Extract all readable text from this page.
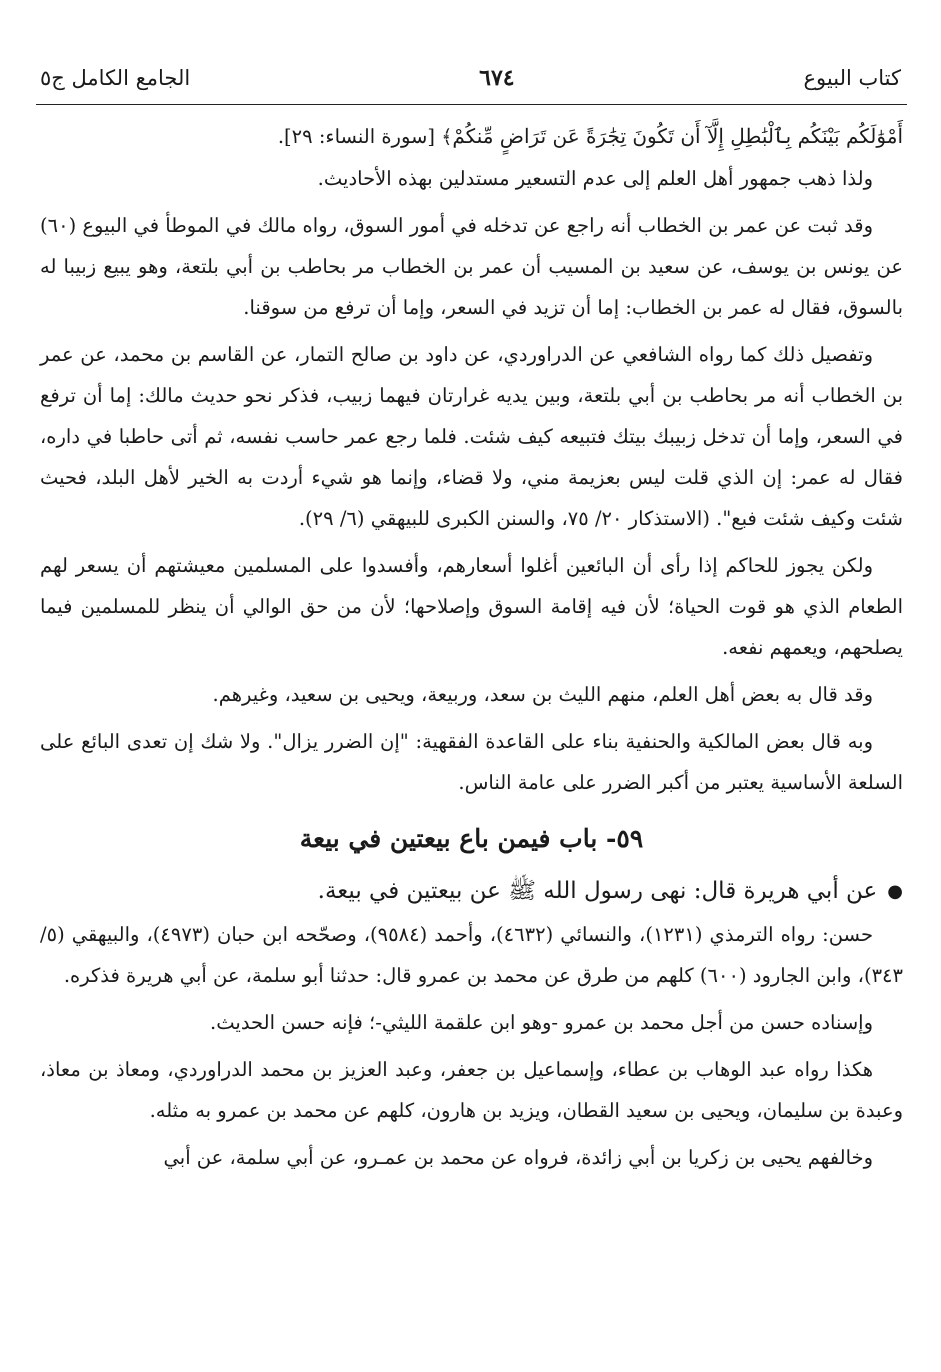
كتاب البيوع
٦٧٤
الجامع الكامل ج٥

أَمْوَٰلَكُم بَيْنَكُم بِٱلْبَٰطِلِ إِلَّآ أَن تَكُونَ تِجَٰرَةً عَن تَرَاضٍ مِّنكُمْ﴾ [سورة النساء: ٢٩].

ولذا ذهب جمهور أهل العلم إلى عدم التسعير مستدلين بهذه الأحاديث.

وقد ثبت عن عمر بن الخطاب أنه راجع عن تدخله في أمور السوق، رواه مالك في الموطأ في البيوع (٦٠) عن يونس بن يوسف، عن سعيد بن المسيب أن عمر بن الخطاب مر بحاطب بن أبي بلتعة، وهو يبيع زبيبا له بالسوق، فقال له عمر بن الخطاب: إما أن تزيد في السعر، وإما أن ترفع من سوقنا.

وتفصيل ذلك كما رواه الشافعي عن الدراوردي، عن داود بن صالح التمار، عن القاسم بن محمد، عن عمر بن الخطاب أنه مر بحاطب بن أبي بلتعة، وبين يديه غرارتان فيهما زبيب، فذكر نحو حديث مالك: إما أن ترفع في السعر، وإما أن تدخل زبيبك بيتك فتبيعه كيف شئت. فلما رجع عمر حاسب نفسه، ثم أتى حاطبا في داره، فقال له عمر: إن الذي قلت ليس بعزيمة مني، ولا قضاء، وإنما هو شيء أردت به الخير لأهل البلد، فحيث شئت وكيف شئت فبع". (الاستذكار ٢٠/ ٧٥، والسنن الكبرى للبيهقي (٦/ ٢٩).

ولكن يجوز للحاكم إذا رأى أن البائعين أغلوا أسعارهم، وأفسدوا على المسلمين معيشتهم أن يسعر لهم الطعام الذي هو قوت الحياة؛ لأن فيه إقامة السوق وإصلاحها؛ لأن من حق الوالي أن ينظر للمسلمين فيما يصلحهم، ويعمهم نفعه.

وقد قال به بعض أهل العلم، منهم الليث بن سعد، وربيعة، ويحيى بن سعيد، وغيرهم.

وبه قال بعض المالكية والحنفية بناء على القاعدة الفقهية: "إن الضرر يزال". ولا شك إن تعدى البائع على السلعة الأساسية يعتبر من أكبر الضرر على عامة الناس.

٥٩- باب فيمن باع بيعتين في بيعة

●عن أبي هريرة قال: نهى رسول الله ﷺ عن بيعتين في بيعة.

حسن: رواه الترمذي (١٢٣١)، والنسائي (٤٦٣٢)، وأحمد (٩٥٨٤)، وصحّحه ابن حبان (٤٩٧٣)، والبيهقي (٥/ ٣٤٣)، وابن الجارود (٦٠٠) كلهم من طرق عن محمد بن عمرو قال: حدثنا أبو سلمة، عن أبي هريرة فذكره.

وإسناده حسن من أجل محمد بن عمرو -وهو ابن علقمة الليثي-؛ فإنه حسن الحديث.

هكذا رواه عبد الوهاب بن عطاء، وإسماعيل بن جعفر، وعبد العزيز بن محمد الدراوردي، ومعاذ بن معاذ، وعبدة بن سليمان، ويحيى بن سعيد القطان، ويزيد بن هارون، كلهم عن محمد بن عمرو به مثله.

وخالفهم يحيى بن زكريا بن أبي زائدة، فرواه عن محمد بن عمـرو، عن أبي سلمة، عن أبي
